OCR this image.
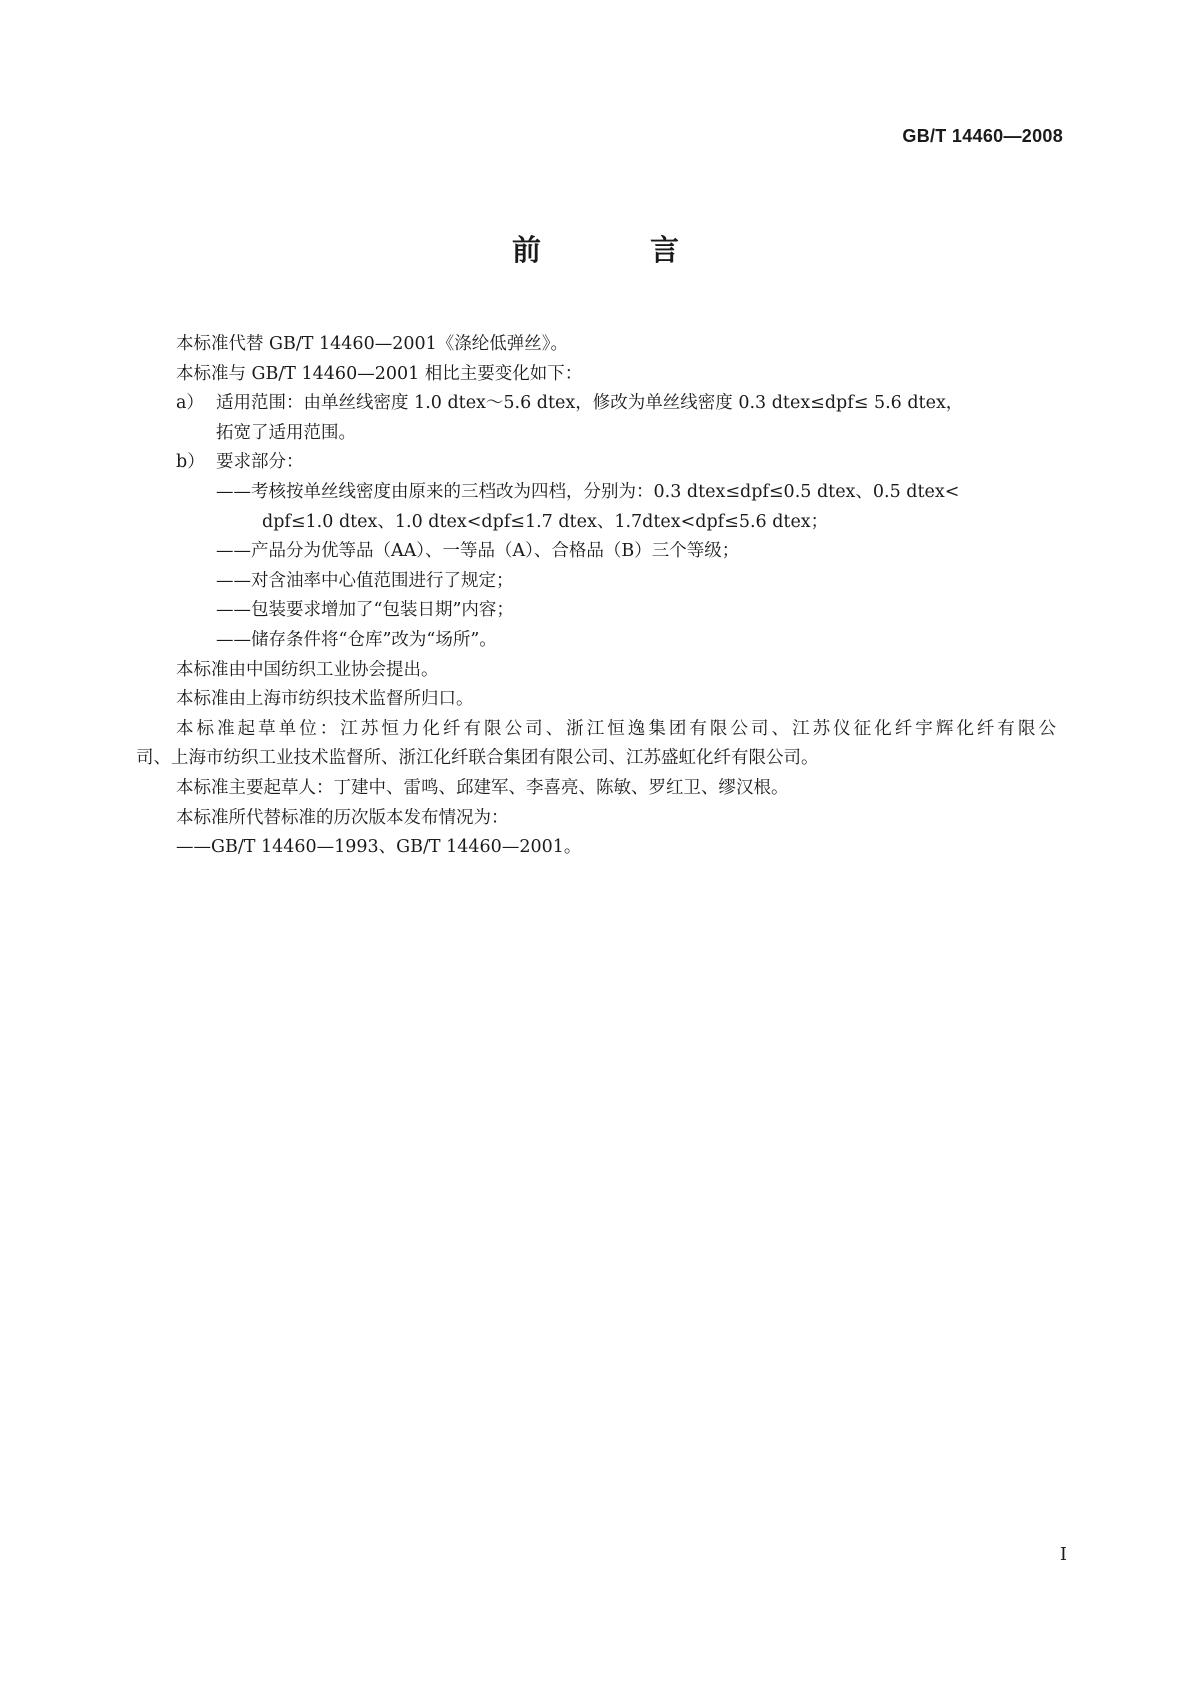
GB/T 14460—2008
前　言
本标准代替 GB/T 14460—2001《涤纶低弹丝》。
本标准与 GB/T 14460—2001 相比主要变化如下：
a） 适用范围：由单丝线密度 1.0 dtex～5.6 dtex，修改为单丝线密度 0.3 dtex≤dpf≤ 5.6 dtex，
拓宽了适用范围。
b） 要求部分：
——考核按单丝线密度由原来的三档改为四档，分别为：0.3 dtex≤dpf≤0.5 dtex、0.5 dtex<
dpf≤1.0 dtex、1.0 dtex<dpf≤1.7 dtex、1.7dtex<dpf≤5.6 dtex；
——产品分为优等品（AA）、一等品（A）、合格品（B）三个等级；
——对含油率中心值范围进行了规定；
——包装要求增加了“包装日期”内容；
——储存条件将“仓库”改为“场所”。
本标准由中国纺织工业协会提出。
本标准由上海市纺织技术监督所归口。
本标准起草单位：江苏恒力化纤有限公司、浙江恒逸集团有限公司、江苏仪征化纤宇辉化纤有限公
司、上海市纺织工业技术监督所、浙江化纤联合集团有限公司、江苏盛虹化纤有限公司。
本标准主要起草人：丁建中、雷鸣、邱建军、李喜亮、陈敏、罗红卫、缪汉根。
本标准所代替标准的历次版本发布情况为：
——GB/T 14460—1993、GB/T 14460—2001。
I
